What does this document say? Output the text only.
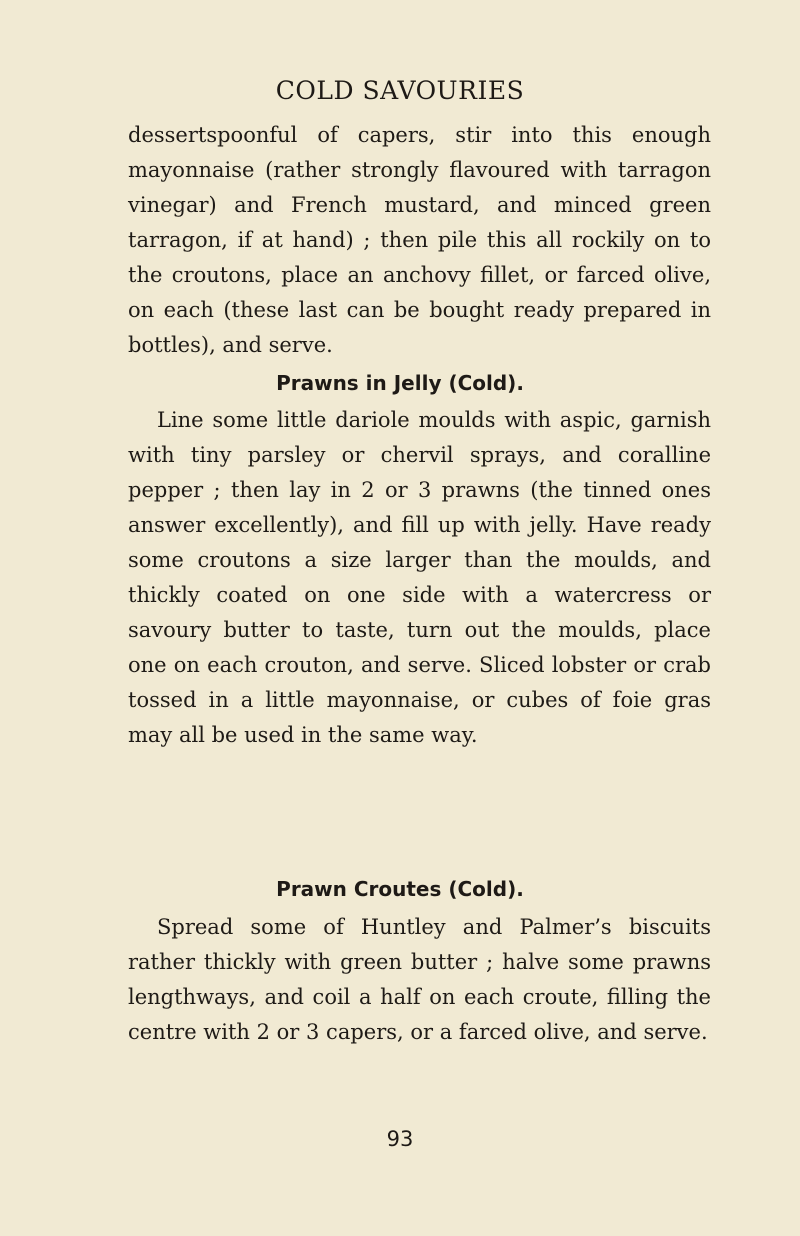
COLD SAVOURIES

dessertspoonful of capers, stir into this enough mayonnaise (rather strongly flavoured with tarragon vinegar) and French mustard, and minced green tarragon, if at hand) ; then pile this all rockily on to the croutons, place an anchovy fillet, or farced olive, on each (these last can be bought ready prepared in bottles), and serve.

Prawns in Jelly (Cold).

Line some little dariole moulds with aspic, garnish with tiny parsley or chervil sprays, and coralline pepper ; then lay in 2 or 3 prawns (the tinned ones answer excellently), and fill up with jelly. Have ready some croutons a size larger than the moulds, and thickly coated on one side with a watercress or savoury butter to taste, turn out the moulds, place one on each crouton, and serve. Sliced lobster or crab tossed in a little mayonnaise, or cubes of foie gras may all be used in the same way.

Prawn Croutes (Cold).

Spread some of Huntley and Palmer’s biscuits rather thickly with green butter ; halve some prawns lengthways, and coil a half on each croute, filling the centre with 2 or 3 capers, or a farced olive, and serve.

93
